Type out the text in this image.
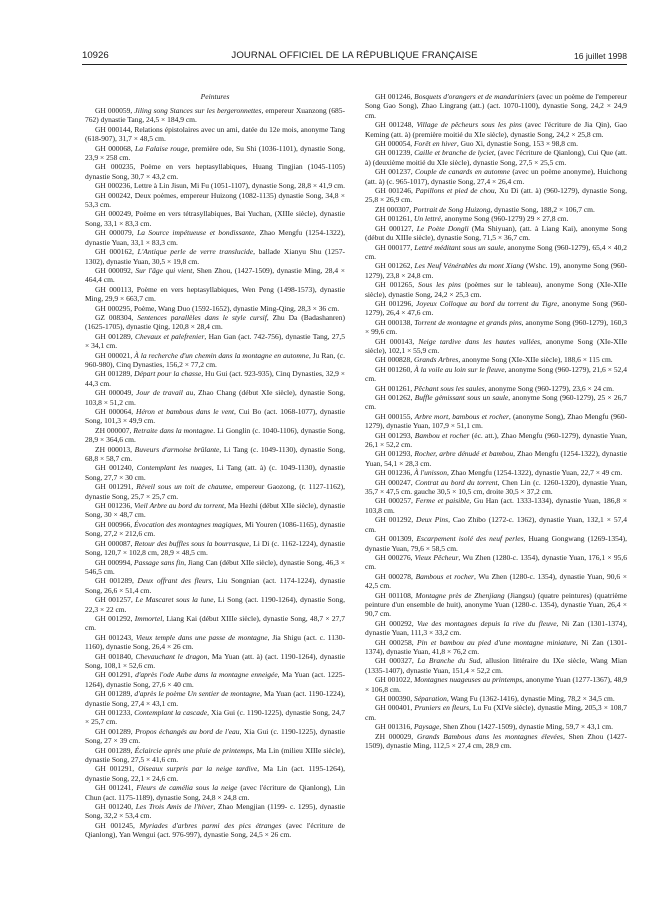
10926	JOURNAL OFFICIEL DE LA RÉPUBLIQUE FRANÇAISE	16 juillet 1998
Peintures

GH 000059, Jiling song Stances sur les bergeronnettes, empereur Xuanzong (685-762) dynastie Tang, 24,5 × 184,9 cm.

GH 000144, Relations épistolaires avec un ami, datée du 12e mois, anonyme Tang (618-907), 31,7 × 48,5 cm.

GH 000068, La Falaise rouge, première ode, Su Shi (1036-1101), dynastie Song, 23,9 × 258 cm.

GH 000235, Poème en vers heptasyllabiques, Huang Tingjian (1045-1105) dynastie Song, 30,7 × 43,2 cm.

GH 000236, Lettre à Lin Jisun, Mi Fu (1051-1107), dynastie Song, 28,8 × 41,9 cm.

GH 000242, Deux poèmes, empereur Huizong (1082-1135) dynastie Song, 34,8 × 53,3 cm.

GH 000249, Poème en vers tétrasyllabiques, Bai Yuchan, (XIIIe siècle), dynastie Song, 33,1 × 83,3 cm.

GH 000079, La Source impétueuse et bondissante, Zhao Mengfu (1254-1322), dynastie Yuan, 33,1 × 83,3 cm.

GH 000162, L'Antique perle de verre translucide, ballade Xianyu Shu (1257-1302), dynastie Yuan, 30,5 × 19,8 cm.

GH 000092, Sur l'âge qui vient, Shen Zhou, (1427-1509), dynastie Ming, 28,4 × 464,4 cm.

GH 000113, Poème en vers heptasyllabiques, Wen Peng (1498-1573), dynastie Ming, 29,9 × 663,7 cm.

GH 000295, Poème, Wang Duo (1592-1652), dynastie Ming-Qing, 28,3 × 36 cm.

GZ 008304, Sentences parallèles dans le style cursif, Zhu Da (Badashanren) (1625-1705), dynastie Qing, 120,8 × 28,4 cm.

GH 001289, Chevaux et palefrenier, Han Gan (act. 742-756), dynastie Tang, 27,5 × 34,1 cm.

GH 000021, À la recherche d'un chemin dans la montagne en automne, Ju Ran, (c. 960-980), Cinq Dynasties, 156,2 × 77,2 cm.

GH 001289, Départ pour la chasse, Hu Gui (act. 923-935), Cinq Dynasties, 32,9 × 44,3 cm.

GH 000049, Jour de travail au, Zhao Chang (début XIe siècle), dynastie Song, 103,8 × 51,2 cm.

GH 000064, Héron et bambous dans le vent, Cui Bo (act. 1068-1077), dynastie Song, 101,3 × 49,9 cm.

ZH 000007, Retraite dans la montagne. Li Gonglin (c. 1040-1106), dynastie Song, 28,9 × 364,6 cm.

ZH 000013, Buveurs d'armoise brûlante, Li Tang (c. 1049-1130), dynastie Song, 68,8 × 58,7 cm.

GH 001240, Contemplant les nuages, Li Tang (att. à) (c. 1049-1130), dynastie Song, 27,7 × 30 cm.

GH 001291, Réveil sous un toit de chaume, empereur Gaozong, (r. 1127-1162), dynastie Song, 25,7 × 25,7 cm.

GH 001236, Vieil Arbre au bord du torrent, Ma Hezhi (début XIIe siècle), dynastie Song, 30 × 48,7 cm.

GH 000966, Évocation des montagnes magiques, Mi Youren (1086-1165), dynastie Song, 27,2 × 212,6 cm.

GH 000087, Retour des buffles sous la bourrasque, Li Di (c. 1162-1224), dynastie Song, 120,7 × 102,8 cm, 28,9 × 48,5 cm.

GH 000994, Passage sans fin, Jiang Can (début XIIe siècle), dynastie Song, 46,3 × 546,5 cm.

GH 001289, Deux offrant des fleurs, Liu Songnian (act. 1174-1224), dynastie Song, 26,6 × 51,4 cm.

GH 001257, Le Mascaret sous la lune, Li Song (act. 1190-1264), dynastie Song, 22,3 × 22 cm.

GH 001292, Immortel, Liang Kai (début XIIIe siècle), dynastie Song, 48,7 × 27,7 cm.

GH 001243, Vieux temple dans une passe de montagne, Jia Shigu (act. c. 1130-1160), dynastie Song, 26,4 × 26 cm.

GH 001840, Chevauchant le dragon, Ma Yuan (att. à) (act. 1190-1264), dynastie Song, 108,1 × 52,6 cm.

GH 001291, d'après l'ode Aube dans la montagne enneigée, Ma Yuan (act. 1225-1264), dynastie Song, 27,6 × 40 cm.

GH 001289, d'après le poème Un sentier de montagne, Ma Yuan (act. 1190-1224), dynastie Song, 27,4 × 43,1 cm.

GH 001233, Contemplant la cascade, Xia Gui (c. 1190-1225), dynastie Song, 24,7 × 25,7 cm.

GH 001289, Propos échangés au bord de l'eau, Xia Gui (c. 1190-1225), dynastie Song, 27 × 39 cm.

GH 001289, Éclaircie après une pluie de printemps, Ma Lin (milieu XIIIe siècle), dynastie Song, 27,5 × 41,6 cm.

GH 001291, Oiseaux surpris par la neige tardive, Ma Lin (act. 1195-1264), dynastie Song, 22,1 × 24,6 cm.

GH 001241, Fleurs de camélia sous la neige (avec l'écriture de Qianlong), Lin Chun (act. 1175-1189), dynastie Song, 24,8 × 24,8 cm.

GH 001240, Les Trois Amis de l'hiver, Zhao Mengjian (1199- c. 1295), dynastie Song, 32,2 × 53,4 cm.

GH 001245, Myriades d'arbres parmi des pics étranges (avec l'écriture de Qianlong), Yan Wengui (act. 976-997), dynastie Song, 24,5 × 26 cm.

GH 001246, Bosquets d'orangers et de mandariniers (avec un poème de l'empereur Song Gao Song), Zhao Lingrang (att.) (act. 1070-1100), dynastie Song, 24,2 × 24,9 cm.

GH 001248, Village de pêcheurs sous les pins (avec l'écriture de Jia Qin), Gao Keming (att. à) (première moitié du XIe siècle), dynastie Song, 24,2 × 25,8 cm.

GH 000054, Forêt en hiver, Guo Xi, dynastie Song, 153 × 98,8 cm.

GH 001239, Caille et branche de lyciet, (avec l'écriture de Qianlong), Cui Que (att. à) (deuxième moitié du XIe siècle), dynastie Song, 27,5 × 25,5 cm.

GH 001237, Couple de canards en automne (avec un poème anonyme), Huichong (att. à) (c. 965-1017), dynastie Song, 27,4 × 26,4 cm.

GH 001246, Papillons et pied de chou, Xu Di (att. à) (960-1279), dynastie Song, 25,8 × 26,9 cm.

ZH 000307, Portrait de Song Huizong, dynastie Song, 188,2 × 106,7 cm.

GH 001261, Un lettré, anonyme Song (960-1279) 29 × 27,8 cm.

GH 000127, Le Poète Dongli (Ma Shiyuan), (att. à Liang Kai), anonyme Song (début du XIIIe siècle), dynastie Song, 71,5 × 36,7 cm.

GH 000177, Lettré méditant sous un saule, anonyme Song (960-1279), 65,4 × 40,2 cm.

GH 001262, Les Neuf Vénérables du mont Xiang (Wshc. 19), anonyme Song (960-1279), 23,8 × 24,8 cm.

GH 001265, Sous les pins (poèmes sur le tableau), anonyme Song (XIe-XIIe siècle), dynastie Song, 24,2 × 25,3 cm.

GH 001296, Joyeux Colloque au bord du torrent du Tigre, anonyme Song (960-1279), 26,4 × 47,6 cm.

GH 000138, Torrent de montagne et grands pins, anonyme Song (960-1279), 160,3 × 99,6 cm.

GH 000143, Neige tardive dans les hautes vallées, anonyme Song (XIe-XIIe siècle), 102,1 × 55,9 cm.

GH 000828, Grands Arbres, anonyme Song (XIe-XIIe siècle), 188,6 × 115 cm.

GH 001260, À la voile au loin sur le fleuve, anonyme Song (960-1279), 21,6 × 52,4 cm.

GH 001261, Pêchant sous les saules, anonyme Song (960-1279), 23,6 × 24 cm.

GH 001262, Buffle gémissant sous un saule, anonyme Song (960-1279), 25 × 26,7 cm.

GH 000155, Arbre mort, bambous et rocher, (anonyme Song), Zhao Mengfu (960-1279), dynastie Yuan, 107,9 × 51,1 cm.

GH 001293, Bambou et rocher (éc. att.), Zhao Mengfu (960-1279), dynastie Yuan, 26,1 × 52,2 cm.

GH 001293, Rocher, arbre dénudé et bambou, Zhao Mengfu (1254-1322), dynastie Yuan, 54,1 × 28,3 cm.

GH 001236, À l'unisson, Zhao Mengfu (1254-1322), dynastie Yuan, 22,7 × 49 cm.

GH 000247, Contrat au bord du torrent, Chen Lin (c. 1260-1320), dynastie Yuan, 35,7 × 47,5 cm. gauche 30,5 × 10,5 cm, droite 30,5 × 37,2 cm.

GH 000257, Ferme et paisible, Gu Han (act. 1333-1334), dynastie Yuan, 186,8 × 103,8 cm.

GH 001292, Deux Pins, Cao Zhibo (1272-c. 1362), dynastie Yuan, 132,1 × 57,4 cm.

GH 001309, Escarpement isolé des neuf perles, Huang Gongwang (1269-1354), dynastie Yuan, 79,6 × 58,5 cm.

GH 000276, Vieux Pêcheur, Wu Zhen (1280-c. 1354), dynastie Yuan, 176,1 × 95,6 cm.

GH 000278, Bambous et rocher, Wu Zhen (1280-c. 1354), dynastie Yuan, 90,6 × 42,5 cm.

GH 001108, Montagne près de Zhenjiang (Jiangsu) (quatre peintures) (quatrième peinture d'un ensemble de huit), anonyme Yuan (1280-c. 1354), dynastie Yuan, 26,4 × 90,7 cm.

GH 000292, Vue des montagnes depuis la rive du fleuve, Ni Zan (1301-1374), dynastie Yuan, 111,3 × 33,2 cm.

GH 000258, Pin et bambou au pied d'une montagne miniature, Ni Zan (1301-1374), dynastie Yuan, 41,8 × 76,2 cm.

GH 000327, La Branche du Sud, allusion littéraire du IXe siècle, Wang Mian (1335-1407), dynastie Yuan, 151,4 × 52,2 cm.

GH 001022, Montagnes nuageuses au printemps, anonyme Yuan (1277-1367), 48,9 × 106,8 cm.

GH 000390, Séparation, Wang Fu (1362-1416), dynastie Ming, 78,2 × 34,5 cm.

GH 000401, Pruniers en fleurs, Lu Fu (XIVe siècle), dynastie Ming, 205,3 × 108,7 cm.

GH 001316, Paysage, Shen Zhou (1427-1509), dynastie Ming, 59,7 × 43,1 cm.

ZH 000029, Grands Bambous dans les montagnes élevées, Shen Zhou (1427-1509), dynastie Ming, 112,5 × 27,4 cm, 28,9 cm.
